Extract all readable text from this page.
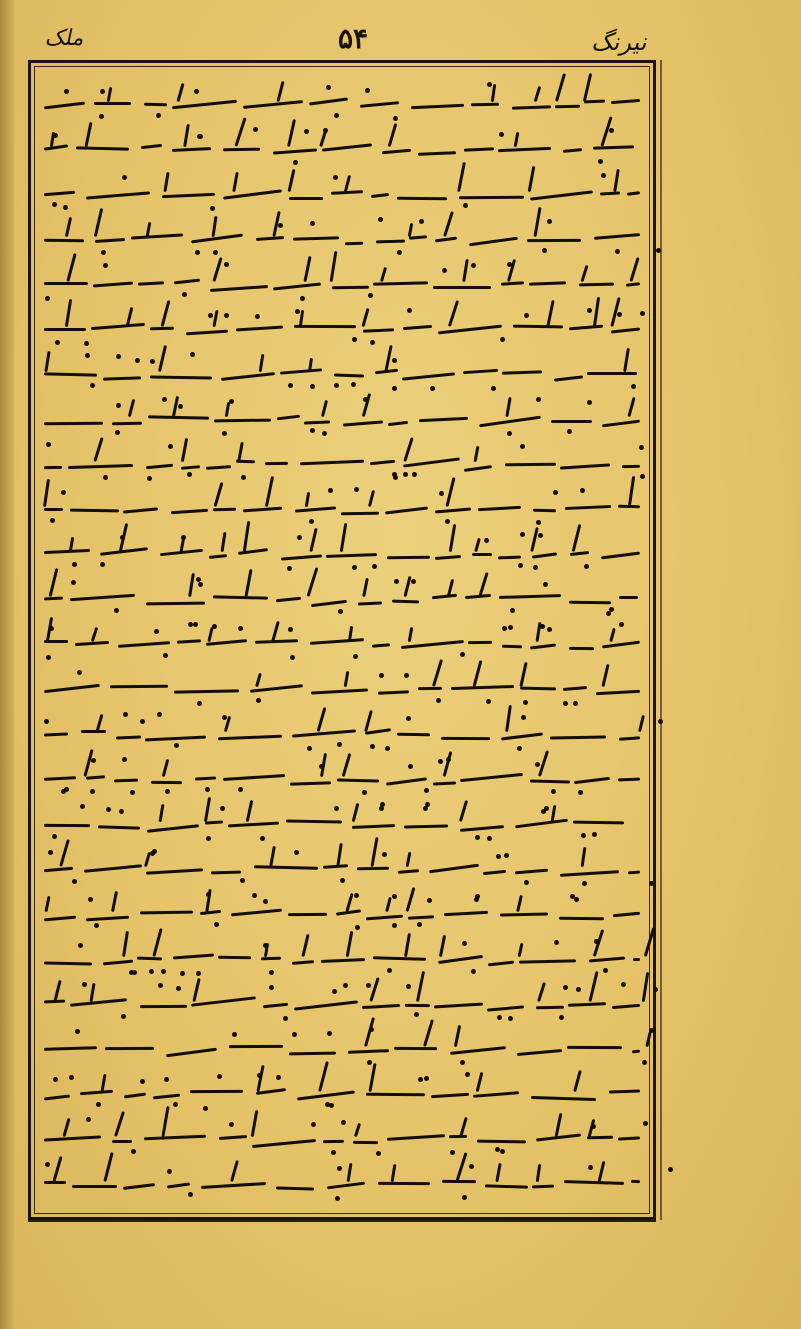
ملک	۵۴	نیرنگ
